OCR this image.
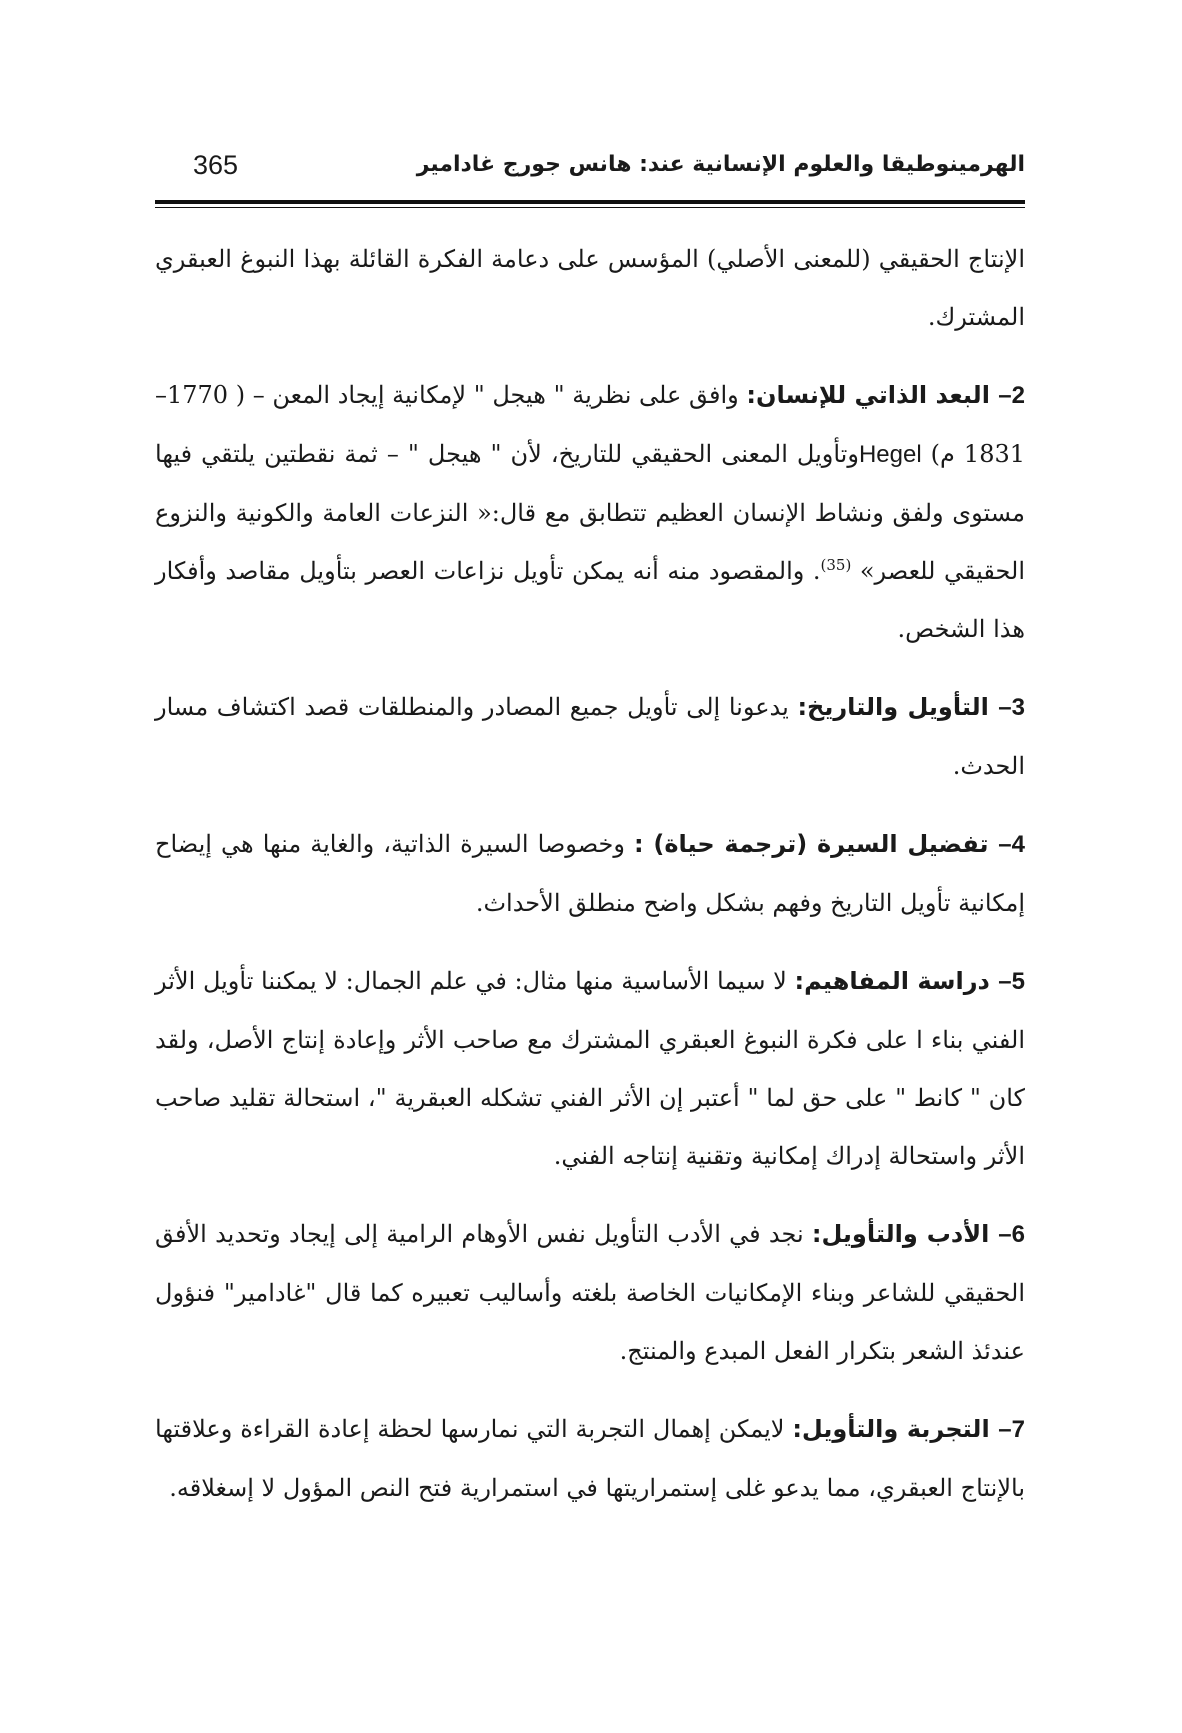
الهرمينوطيقا والعلوم الإنسانية عند: هانس جورج غادامير
365

الإنتاج الحقيقي (للمعنى الأصلي) المؤسس على دعامة الفكرة القائلة بهذا النبوغ العبقري المشترك.

2– البعد الذاتي للإنسان: وافق على نظرية " هيجل " لإمكانية إيجاد المعن – ( 1770–1831 م) Hegelوتأويل المعنى الحقيقي للتاريخ، لأن " هيجل " – ثمة نقطتين يلتقي فيها مستوى ولفق ونشاط الإنسان العظيم تتطابق مع قال:« النزعات العامة والكونية والنزوع الحقيقي للعصر» $^{(35)}$. والمقصود منه أنه يمكن تأويل نزاعات العصر بتأويل مقاصد وأفكار هذا الشخص.

3– التأويل والتاريخ: يدعونا إلى تأويل جميع المصادر والمنطلقات قصد اكتشاف مسار الحدث.

4– تفضيل السيرة (ترجمة حياة) : وخصوصا السيرة الذاتية، والغاية منها هي إيضاح إمكانية تأويل التاريخ وفهم بشكل واضح منطلق الأحداث.

5– دراسة المفاهيم: لا سيما الأساسية منها مثال: في علم الجمال: لا يمكننا تأويل الأثر الفني بناء ا على فكرة النبوغ العبقري المشترك مع صاحب الأثر وإعادة إنتاج الأصل، ولقد كان " كانط " على حق لما " أعتبر إن الأثر الفني تشكله العبقرية "، استحالة تقليد صاحب الأثر واستحالة إدراك إمكانية وتقنية إنتاجه الفني.

6– الأدب والتأويل: نجد في الأدب التأويل نفس الأوهام الرامية إلى إيجاد وتحديد الأفق الحقيقي للشاعر وبناء الإمكانيات الخاصة بلغته وأساليب تعبيره كما قال "غادامير" فنؤول عندئذ الشعر بتكرار الفعل المبدع والمنتج.

7– التجربة والتأويل: لايمكن إهمال التجربة التي نمارسها لحظة إعادة القراءة وعلاقتها بالإنتاج العبقري، مما يدعو غلى إستمراريتها في استمرارية فتح النص المؤول لا إسغلاقه.
